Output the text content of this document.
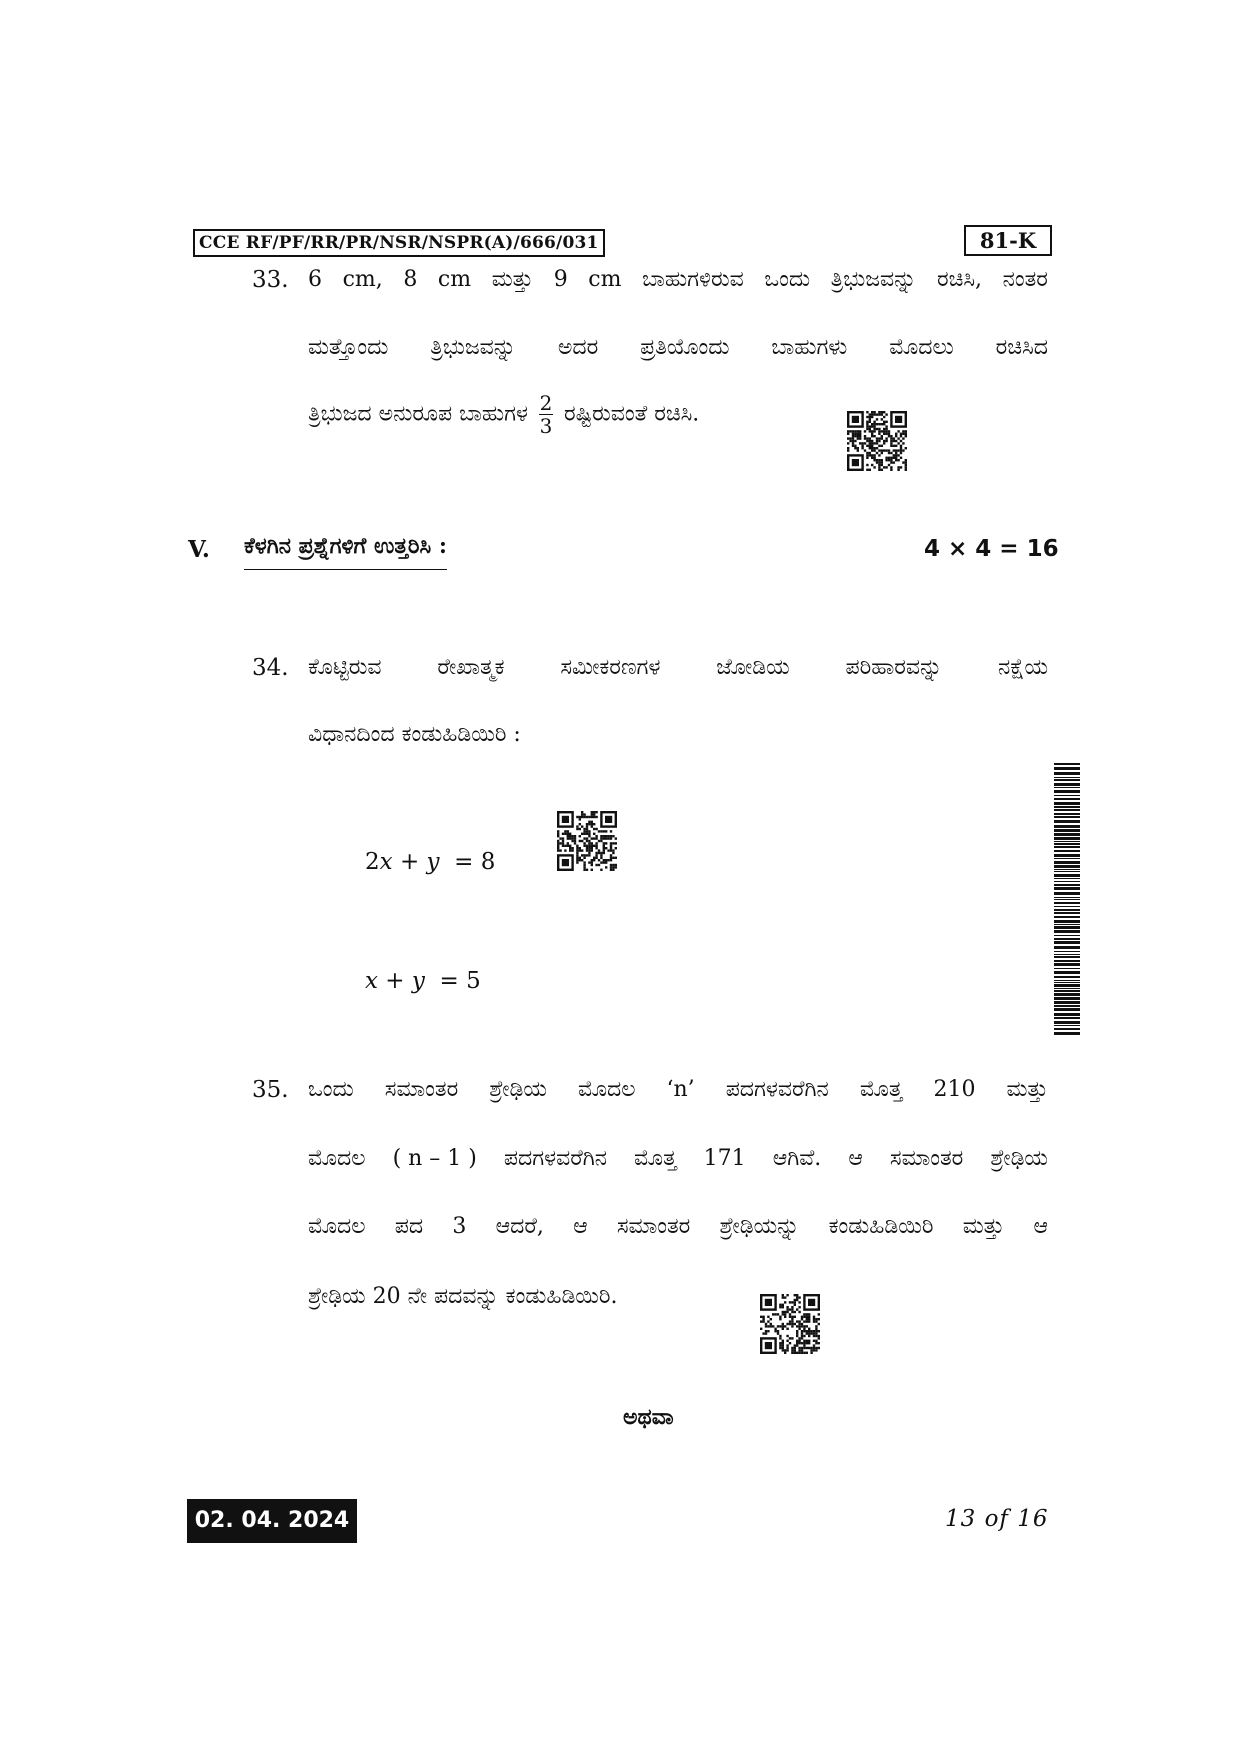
CCE RF/PF/RR/PR/NSR/NSPR(A)/666/031	81-K
33. 6 cm, 8 cm ಮತ್ತು 9 cm ಬಾಹುಗಳಿರುವ ಒಂದು ತ್ರಿಭುಜವನ್ನು ರಚಿಸಿ, ನಂತರ
ಮತ್ತೊಂದು ತ್ರಿಭುಜವನ್ನು ಅದರ ಪ್ರತಿಯೊಂದು ಬಾಹುಗಳು ಮೊದಲು ರಚಿಸಿದ
ತ್ರಿಭುಜದ ಅನುರೂಪ ಬಾಹುಗಳ $\frac{2}{3}$ ರಷ್ಟಿರುವಂತೆ ರಚಿಸಿ.
V. ಕೆಳಗಿನ ಪ್ರಶ್ನೆಗಳಿಗೆ ಉತ್ತರಿಸಿ :	4 × 4 = 16
34. ಕೊಟ್ಟಿರುವ	ರೇಖಾತ್ಮಕ	ಸಮೀಕರಣಗಳ	ಜೋಡಿಯ	ಪರಿಹಾರವನ್ನು	ನಕ್ಷೆಯ
ವಿಧಾನದಿಂದ ಕಂಡುಹಿಡಿಯಿರಿ :
2x + y = 8
x + y = 5
35. ಒಂದು ಸಮಾಂತರ ಶ್ರೇಢಿಯ ಮೊದಲ ‘n’ ಪದಗಳವರೆಗಿನ ಮೊತ್ತ 210 ಮತ್ತು
ಮೊದಲ ( n – 1 ) ಪದಗಳವರೆಗಿನ ಮೊತ್ತ 171 ಆಗಿವೆ. ಆ ಸಮಾಂತರ ಶ್ರೇಢಿಯ
ಮೊದಲ ಪದ 3 ಆದರೆ, ಆ ಸಮಾಂತರ ಶ್ರೇಢಿಯನ್ನು ಕಂಡುಹಿಡಿಯಿರಿ ಮತ್ತು ಆ
ಶ್ರೇಢಿಯ 20 ನೇ ಪದವನ್ನು ಕಂಡುಹಿಡಿಯಿರಿ.
ಅಥವಾ
02. 04. 2024	13 of 16
